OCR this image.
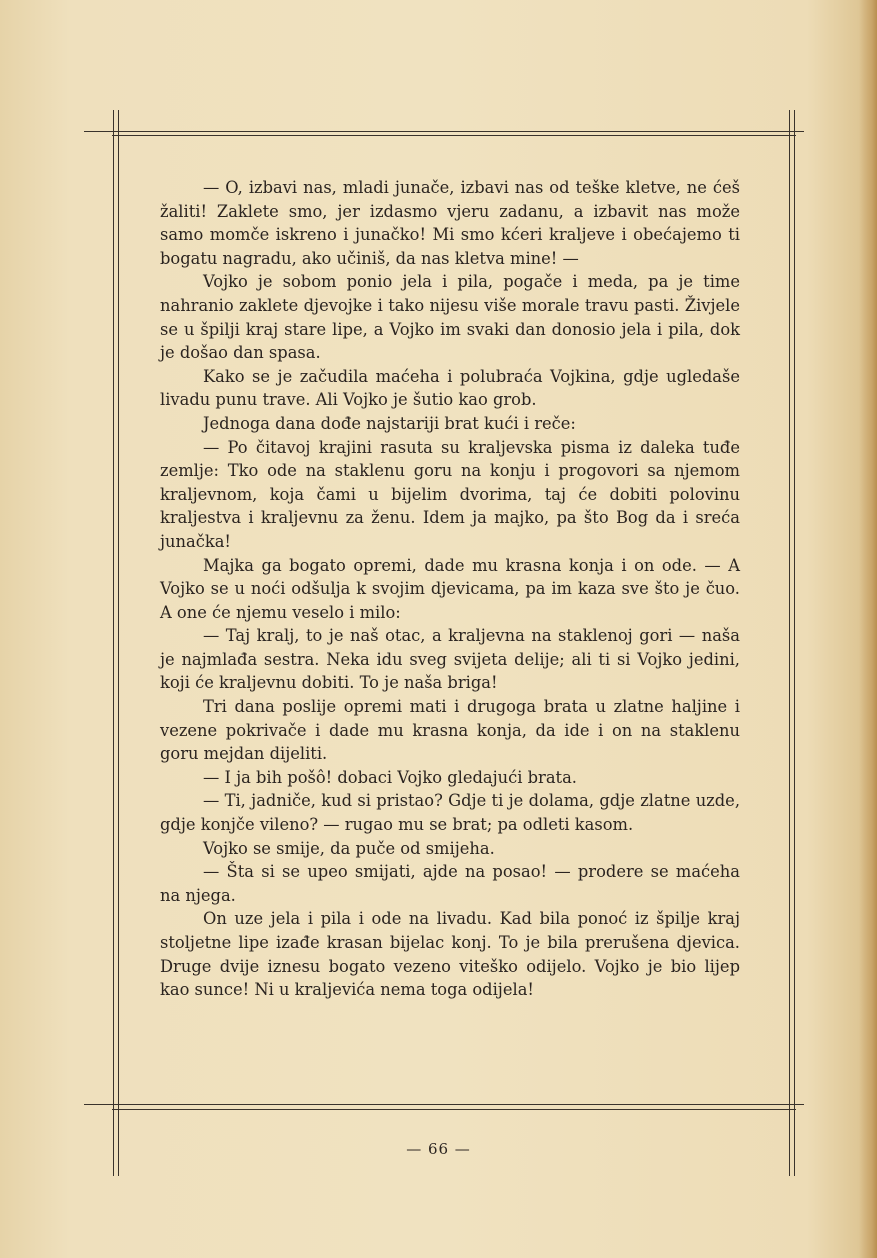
— O, izbavi nas, mladi junače, izbavi nas od teške kletve, ne ćeš žaliti! Zaklete smo, jer izdasmo vjeru zadanu, a izbavit nas može samo momče iskreno i junačko! Mi smo kćeri kraljeve i obećajemo ti bogatu nagradu, ako učiniš, da nas kletva mine! —

Vojko je sobom ponio jela i pila, pogače i meda, pa je time nahranio zaklete djevojke i tako nijesu više morale travu pasti. Živjele se u špilji kraj stare lipe, a Vojko im svaki dan donosio jela i pila, dok je došao dan spasa.

Kako se je začudila maćeha i polubraća Vojkina, gdje ugledaše livadu punu trave. Ali Vojko je šutio kao grob.

Jednoga dana dođe najstariji brat kući i reče:

— Po čitavoj krajini rasuta su kraljevska pisma iz daleka tuđe zemlje: Tko ode na staklenu goru na konju i progovori sa njemom kraljevnom, koja čami u bijelim dvorima, taj će dobiti polovinu kraljestva i kraljevnu za ženu. Idem ja majko, pa što Bog da i sreća junačka!

Majka ga bogato opremi, dade mu krasna konja i on ode. — A Vojko se u noći odšulja k svojim djevicama, pa im kaza sve što je čuo. A one će njemu veselo i milo:

— Taj kralj, to je naš otac, a kraljevna na staklenoj gori — naša je najmlađa sestra. Neka idu sveg svijeta delije; ali ti si Vojko jedini, koji će kraljevnu dobiti. To je naša briga!

Tri dana poslije opremi mati i drugoga brata u zlatne haljine i vezene pokrivače i dade mu krasna konja, da ide i on na staklenu goru mejdan dijeliti.

— I ja bih pošô! dobaci Vojko gledajući brata.

— Ti, jadniče, kud si pristao? Gdje ti je dolama, gdje zlatne uzde, gdje konjče vileno? — rugao mu se brat; pa odleti kasom.

Vojko se smije, da puče od smijeha.

— Šta si se upeo smijati, ajde na posao! — prodere se maćeha na njega.

On uze jela i pila i ode na livadu. Kad bila ponoć iz špilje kraj stoljetne lipe izađe krasan bijelac konj. To je bila prerušena djevica. Druge dvije iznesu bogato vezeno viteško odijelo. Vojko je bio lijep kao sunce! Ni u kraljevića nema toga odijela!

— 66 —
